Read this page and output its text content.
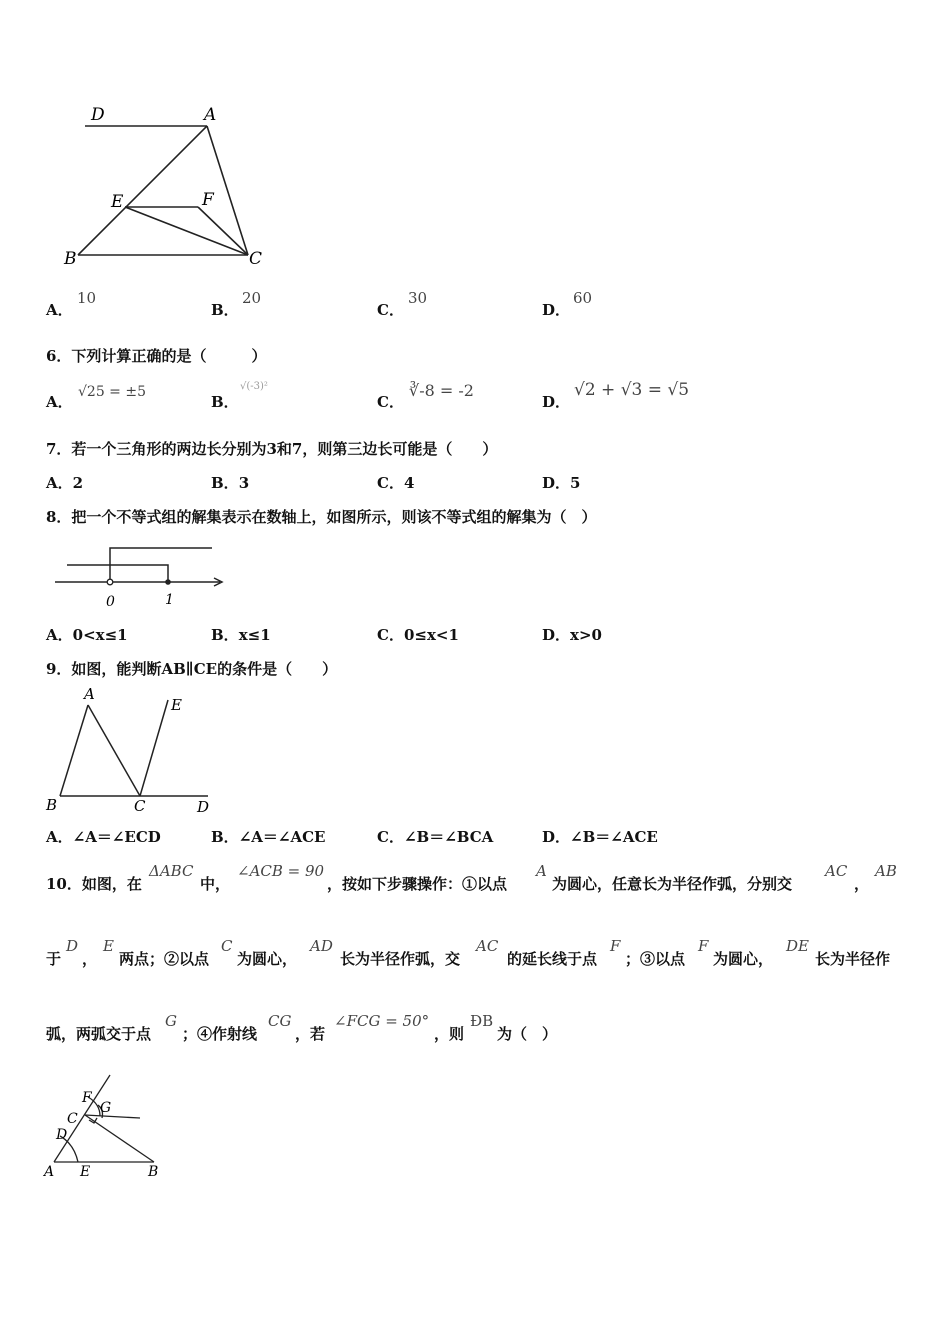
D	A
E	F
B	C
A．
10
B．
20
C．
30
D．
60
6．下列计算正确的是（　　　）
A．
√25 = ±5
B．
√(-3)²
C．
∛-8 = -2
D．
√2 + √3 = √5
7．若一个三角形的两边长分别为3和7，则第三边长可能是（　　）
A．2	B．3	C．4	D．5
8．把一个不等式组的解集表示在数轴上，如图所示，则该不等式组的解集为（　）
0	1
A．0<x≤1	B．x≤1	C．0≤x<1	D．x>0
9．如图，能判断AB∥CE的条件是（　　）
A
E
B	C	D
A．∠A＝∠ECD	B．∠A＝∠ACE	C．∠B＝∠BCA	D．∠B＝∠ACE
10．如图，在
ΔABC
中，
∠ACB = 90
，按如下步骤操作：①以点
A
为圆心，任意长为半径作弧，分别交
AC
，
AB
于
D
，
E
两点；②以点
C
为圆心，
AD
长为半径作弧，交
AC
的延长线于点
F
；③以点
F
为圆心，
DE
长为半径作
弧，两弧交于点
G
；④作射线
CG
，若
∠FCG = 50°
，则
ÐB
为（　）
F
G
C
D
A E	B
